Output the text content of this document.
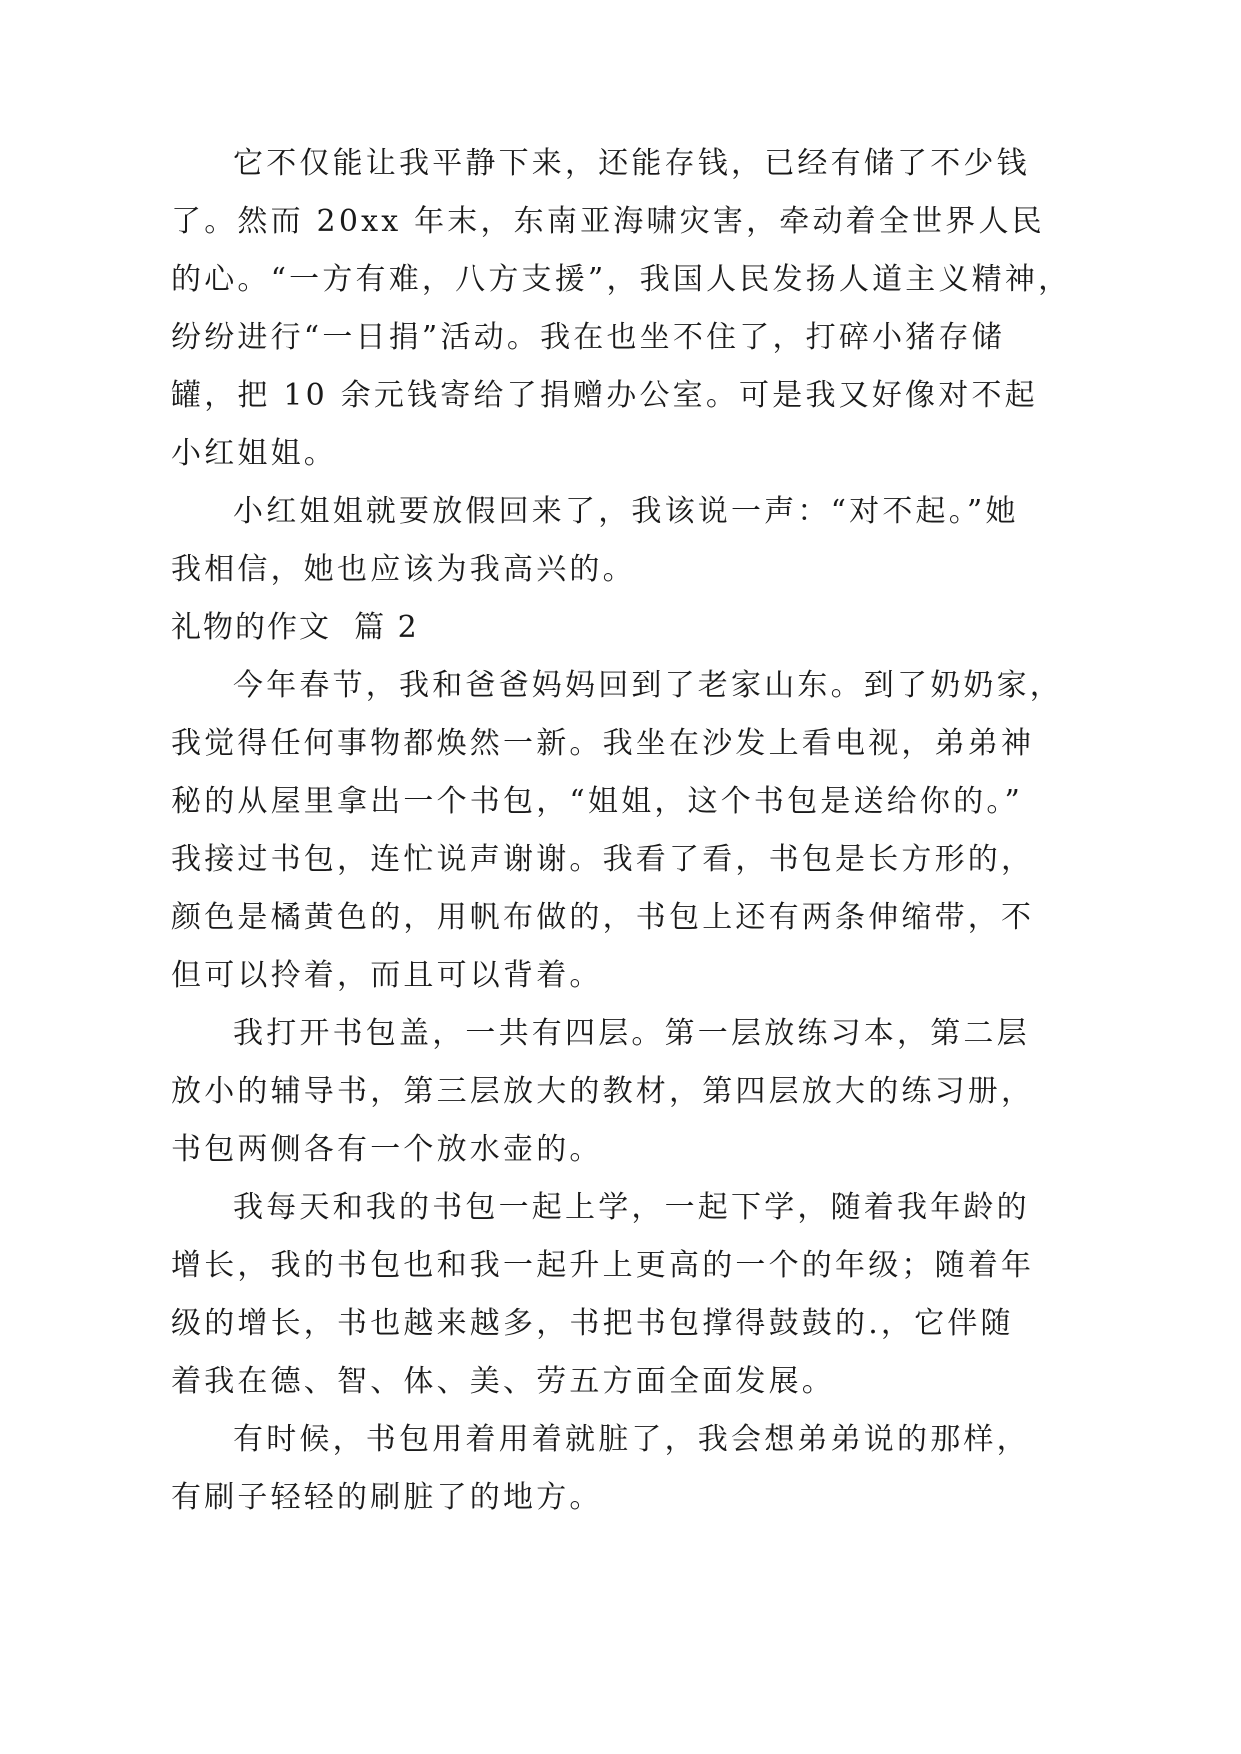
它不仅能让我平静下来，还能存钱，已经有储了不少钱
了。然而 20xx 年末，东南亚海啸灾害，牵动着全世界人民
的心。“一方有难，八方支援”，我国人民发扬人道主义精神，
纷纷进行“一日捐”活动。我在也坐不住了，打碎小猪存储
罐，把 10 余元钱寄给了捐赠办公室。可是我又好像对不起
小红姐姐。
小红姐姐就要放假回来了，我该说一声：“对不起。”她
我相信，她也应该为我高兴的。
礼物的作文  篇 2
今年春节，我和爸爸妈妈回到了老家山东。到了奶奶家，
我觉得任何事物都焕然一新。我坐在沙发上看电视，弟弟神
秘的从屋里拿出一个书包，“姐姐，这个书包是送给你的。”
我接过书包，连忙说声谢谢。我看了看，书包是长方形的，
颜色是橘黄色的，用帆布做的，书包上还有两条伸缩带，不
但可以拎着，而且可以背着。
我打开书包盖，一共有四层。第一层放练习本，第二层
放小的辅导书，第三层放大的教材，第四层放大的练习册，
书包两侧各有一个放水壶的。
我每天和我的书包一起上学，一起下学，随着我年龄的
增长，我的书包也和我一起升上更高的一个的年级；随着年
级的增长，书也越来越多，书把书包撑得鼓鼓的.，它伴随
着我在德、智、体、美、劳五方面全面发展。
有时候，书包用着用着就脏了，我会想弟弟说的那样，
有刷子轻轻的刷脏了的地方。
